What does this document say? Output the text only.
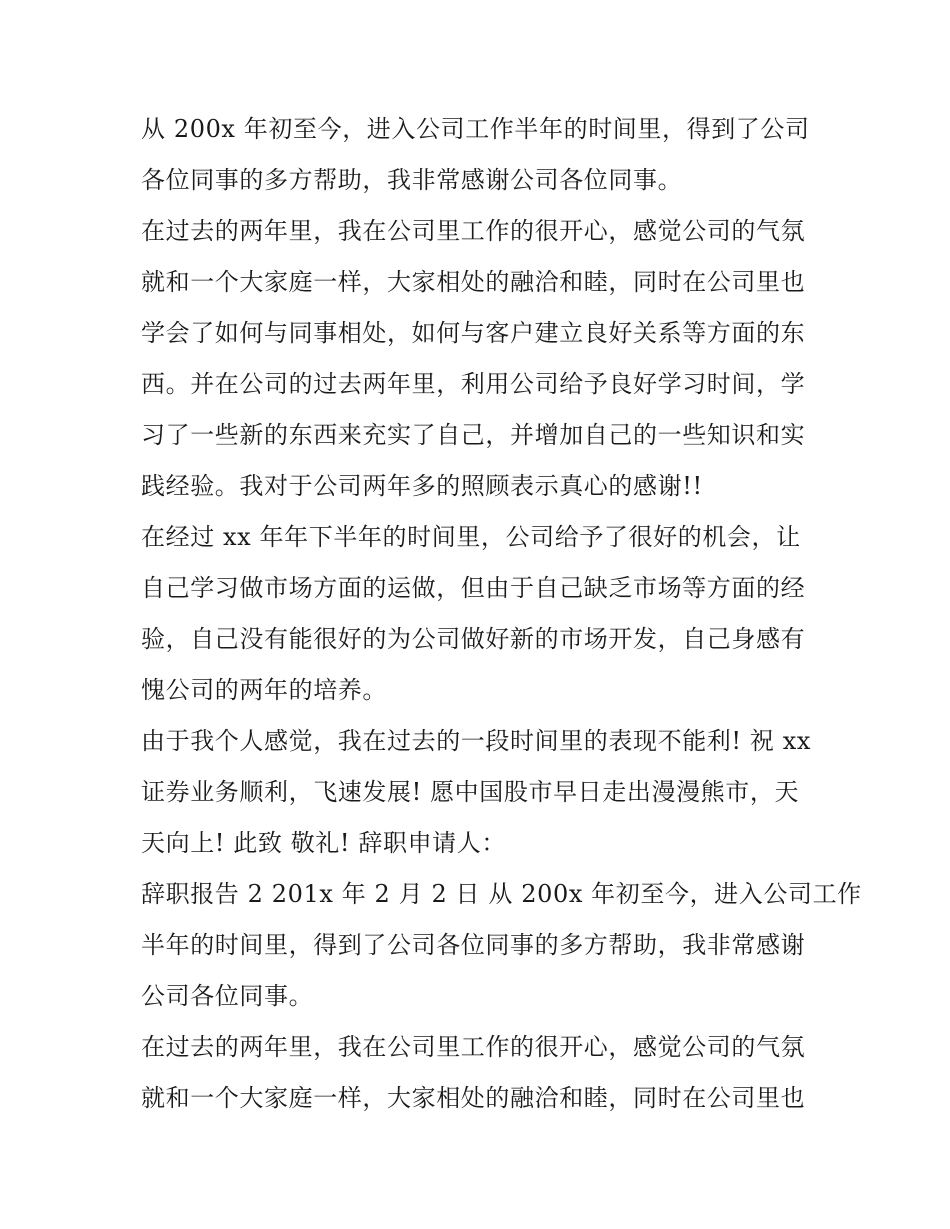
从 200x 年初至今，进入公司工作半年的时间里，得到了公司
各位同事的多方帮助，我非常感谢公司各位同事。
在过去的两年里，我在公司里工作的很开心，感觉公司的气氛
就和一个大家庭一样，大家相处的融洽和睦，同时在公司里也
学会了如何与同事相处，如何与客户建立良好关系等方面的东
西。并在公司的过去两年里，利用公司给予良好学习时间，学
习了一些新的东西来充实了自己，并增加自己的一些知识和实
践经验。我对于公司两年多的照顾表示真心的感谢!!
在经过 xx 年年下半年的时间里，公司给予了很好的机会，让
自己学习做市场方面的运做，但由于自己缺乏市场等方面的经
验，自己没有能很好的为公司做好新的市场开发，自己身感有
愧公司的两年的培养。
由于我个人感觉，我在过去的一段时间里的表现不能利! 祝 xx
证券业务顺利，飞速发展! 愿中国股市早日走出漫漫熊市，天
天向上! 此致 敬礼! 辞职申请人：
辞职报告 2 201x 年 2 月 2 日 从 200x 年初至今，进入公司工作
半年的时间里，得到了公司各位同事的多方帮助，我非常感谢
公司各位同事。
在过去的两年里，我在公司里工作的很开心，感觉公司的气氛
就和一个大家庭一样，大家相处的融洽和睦，同时在公司里也
